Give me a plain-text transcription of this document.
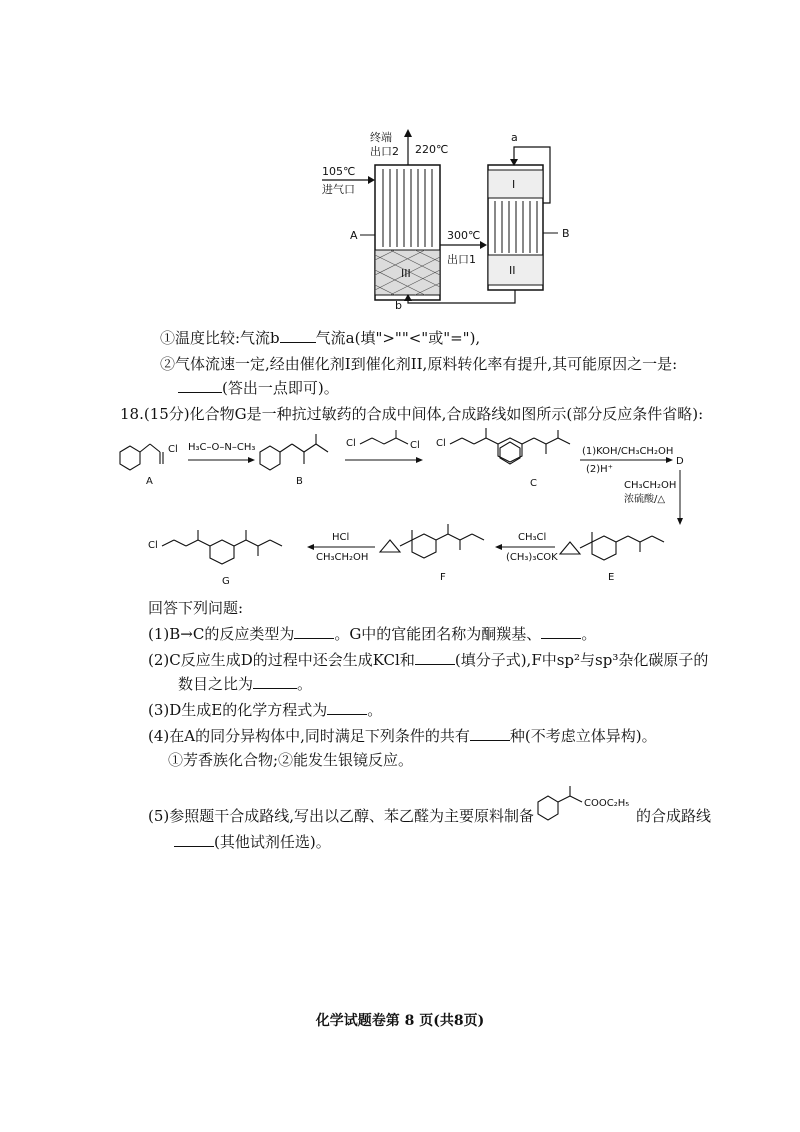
III
终端
出口2 220℃
105℃
进气口
A	300℃
出口1
I
II
B
a
b
①温度比较:气流b 气流a(填">""<"或"="),
②气体流速一定,经由催化剂I到催化剂II,原料转化率有提升,其可能原因之一是:
(答出一点即可)。
18.(15分)化合物G是一种抗过敏药的合成中间体,合成路线如图所示(部分反应条件省略):
Cl
A
H₃C–O–N–CH₃
B
Cl	Cl Cl
C
(1)KOH/CH₃CH₂OH
(2)H⁺
D
CH₃CH₂OH
浓硫酸/△
E
CH₃Cl
(CH₃)₃COK
F
HCl
CH₃CH₂OH
Cl
G
回答下列问题:
(1)B→C的反应类型为	。G中的官能团名称为酮羰基、	。
(2)C反应生成D的过程中还会生成KCl和	(填分子式),F中sp²与sp³杂化碳原子的
数目之比为	。
(3)D生成E的化学方程式为	。
(4)在A的同分异构体中,同时满足下列条件的共有	种(不考虑立体异构)。
①芳香族化合物;②能发生银镜反应。
COOC₂H₅
(5)参照题干合成路线,写出以乙醇、苯乙醛为主要原料制备	的合成路线
(其他试剂任选)。
化学试题卷第 8 页(共8页)
